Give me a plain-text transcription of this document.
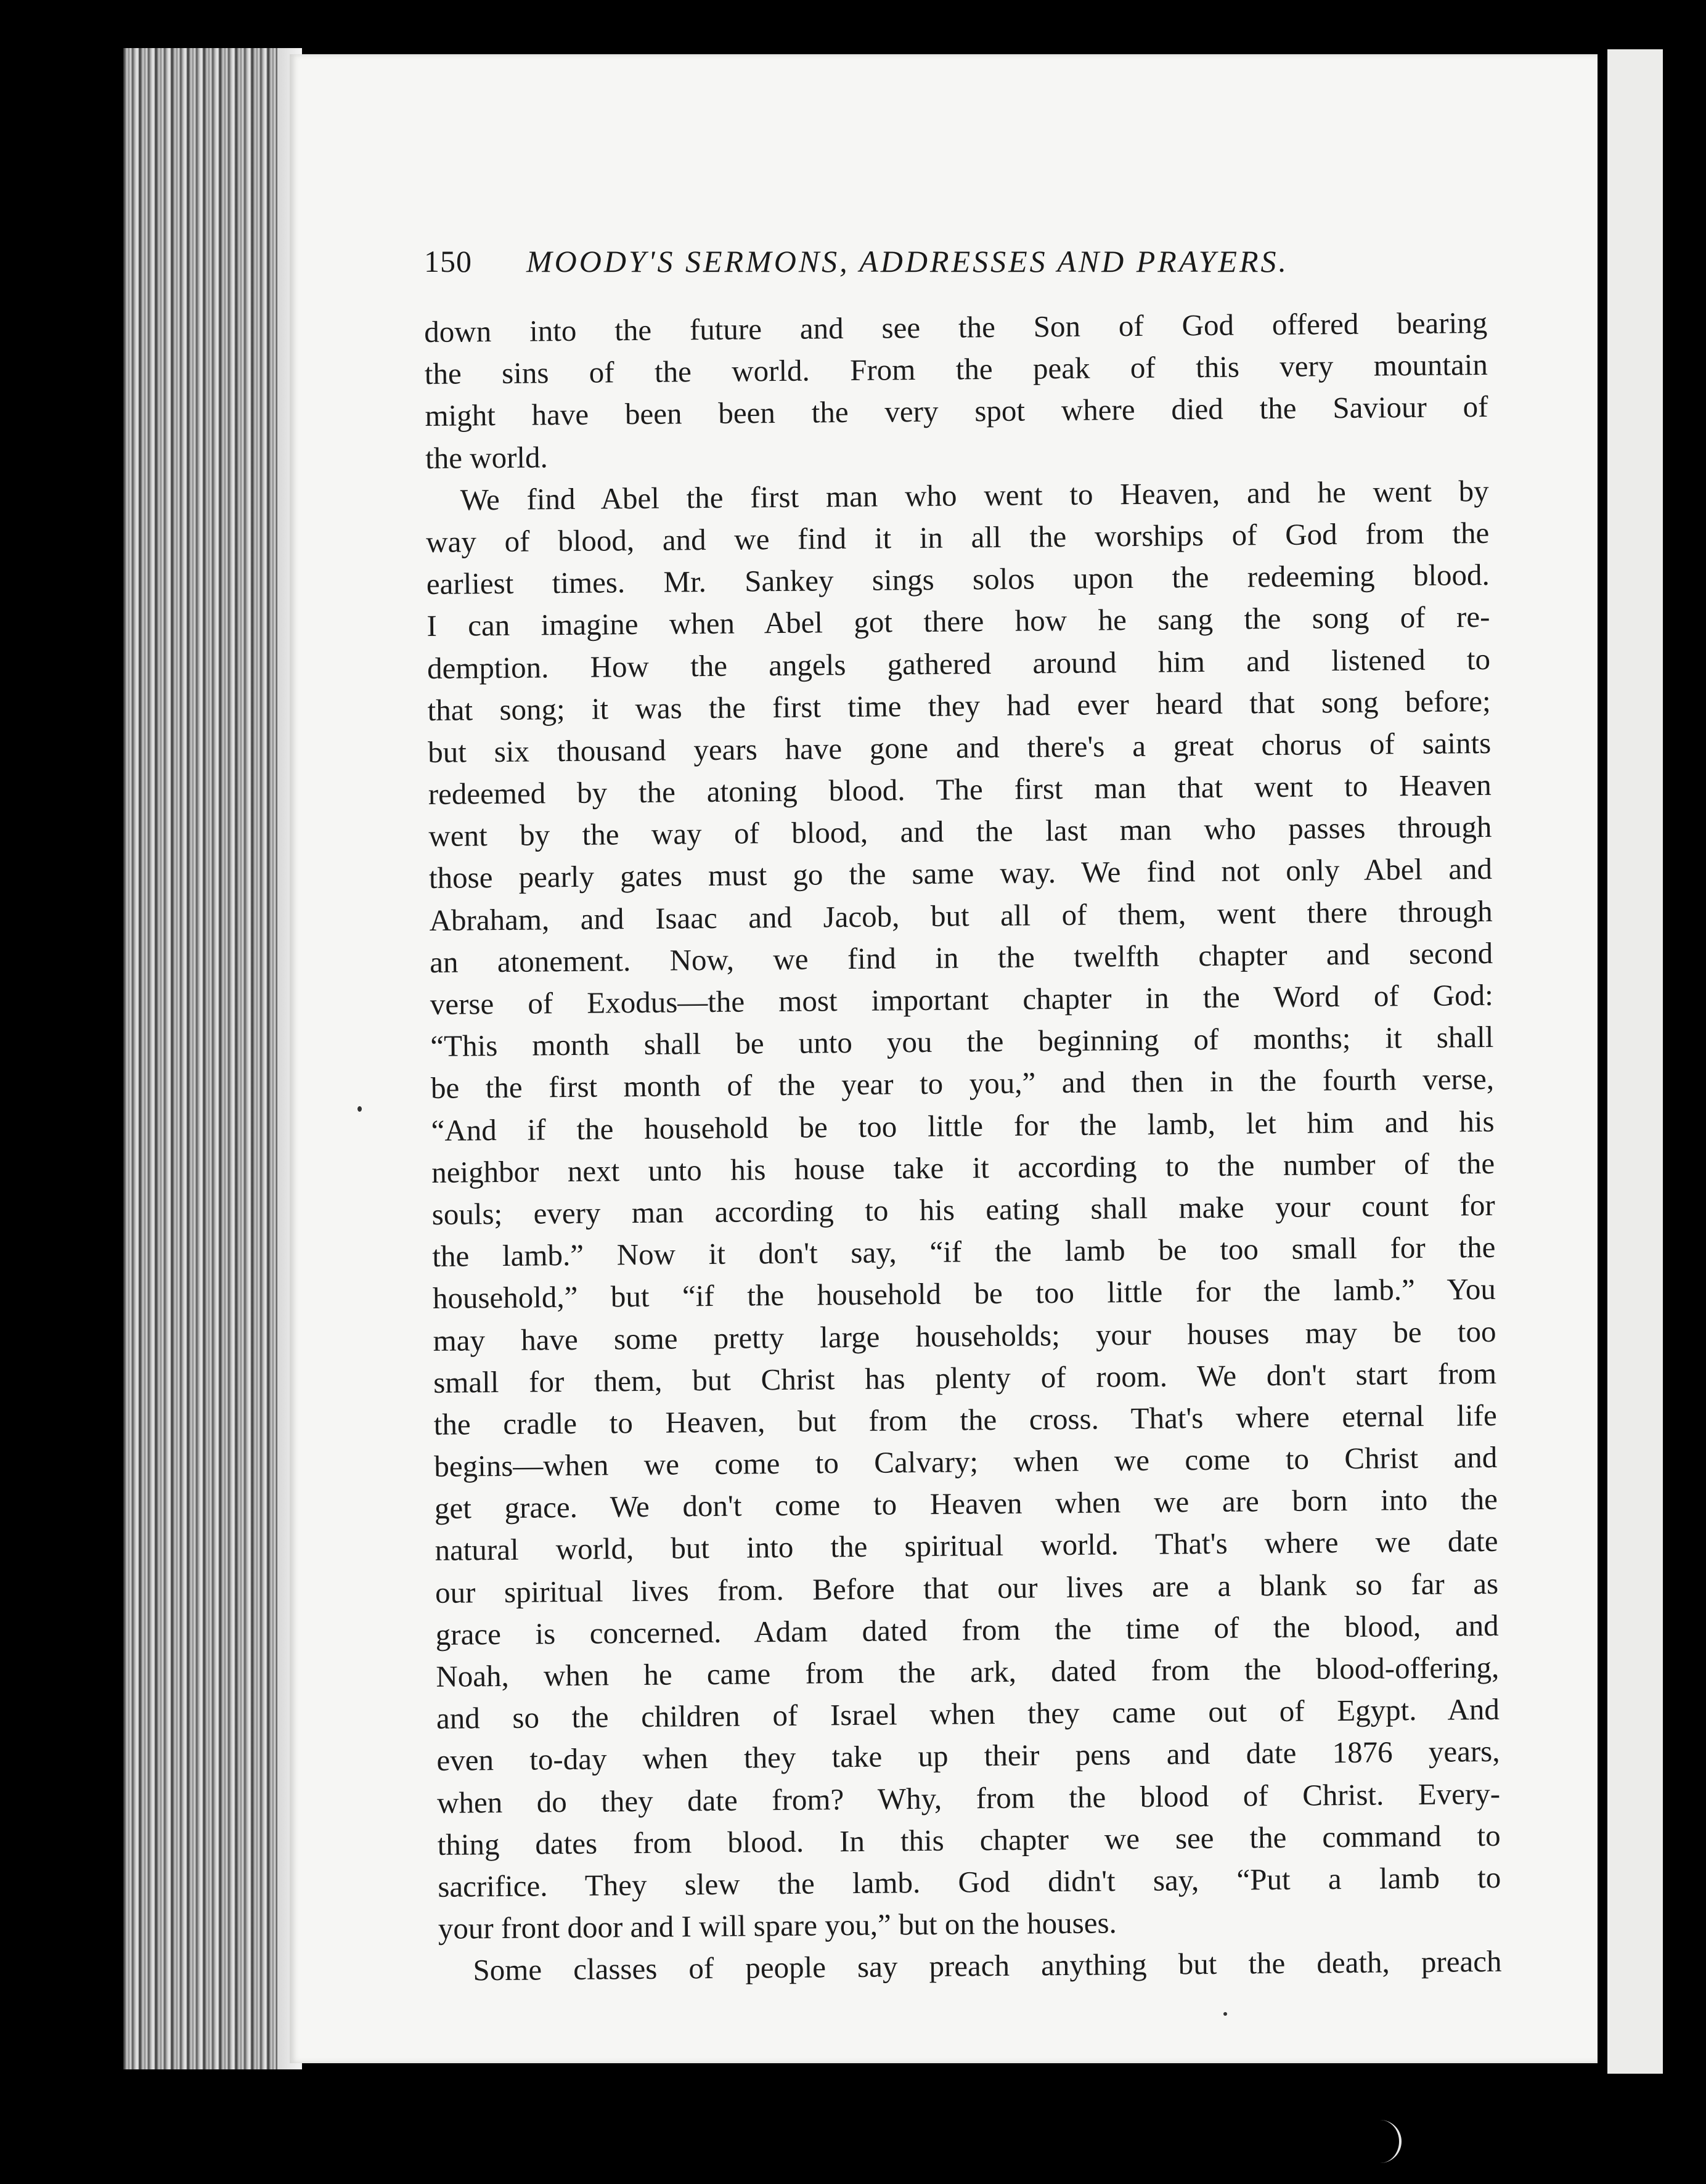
150 MOODY'S SERMONS, ADDRESSES AND PRAYERS.
down into the future and see the Son of God offered bearing
the sins of the world. From the peak of this very mountain
might have been been the very spot where died the Saviour of
the world.
We find Abel the first man who went to Heaven, and he went by
way of blood, and we find it in all the worships of God from the
earliest times. Mr. Sankey sings solos upon the redeeming blood.
I can imagine when Abel got there how he sang the song of re-
demption. How the angels gathered around him and listened to
that song; it was the first time they had ever heard that song before;
but six thousand years have gone and there's a great chorus of saints
redeemed by the atoning blood. The first man that went to Heaven
went by the way of blood, and the last man who passes through
those pearly gates must go the same way. We find not only Abel and
Abraham, and Isaac and Jacob, but all of them, went there through
an atonement. Now, we find in the twelfth chapter and second
verse of Exodus—the most important chapter in the Word of God:
“This month shall be unto you the beginning of months; it shall
be the first month of the year to you,” and then in the fourth verse,
“And if the household be too little for the lamb, let him and his
neighbor next unto his house take it according to the number of the
souls; every man according to his eating shall make your count for
the lamb.” Now it don't say, “if the lamb be too small for the
household,” but “if the household be too little for the lamb.” You
may have some pretty large households; your houses may be too
small for them, but Christ has plenty of room. We don't start from
the cradle to Heaven, but from the cross. That's where eternal life
begins—when we come to Calvary; when we come to Christ and
get grace. We don't come to Heaven when we are born into the
natural world, but into the spiritual world. That's where we date
our spiritual lives from. Before that our lives are a blank so far as
grace is concerned. Adam dated from the time of the blood, and
Noah, when he came from the ark, dated from the blood-offering,
and so the children of Israel when they came out of Egypt. And
even to-day when they take up their pens and date 1876 years,
when do they date from? Why, from the blood of Christ. Every-
thing dates from blood. In this chapter we see the command to
sacrifice. They slew the lamb. God didn't say, “Put a lamb to
your front door and I will spare you,” but on the houses.
Some classes of people say preach anything but the death, preach
